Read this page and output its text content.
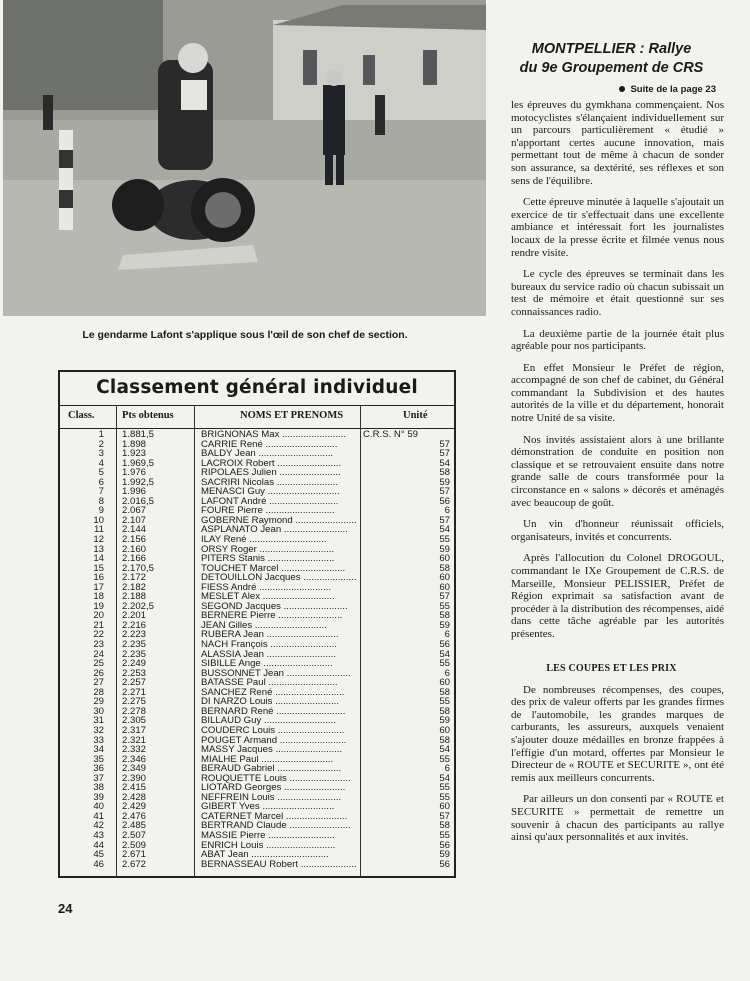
Le gendarme Lafont s'applique sous l'œil de son chef de section.
Classement général individuel
Class.	Pts obtenus	NOMS ET PRENOMS	Unité
1 1.881,5	BRIGNONAS Max ........................	C.R.S. N° 59
2 1.898	CARRIE René ...........................	57
3 1.923	BALDY Jean ............................	57
4 1.969,5	LACROIX Robert ........................	54
5 1.976	RIPOLAES Julien .......................	58
6 1.992,5	SACRIRI Nicolas .......................	59
7 1.996	MENASCI Guy ...........................	57
8 2.016,5	LAFONT André ..........................	56
9 2.067	FOURE Pierre ..........................	6
10 2.107	GOBERNE Raymond .......................	57
11 2.144	ASPLANATO Jean ........................	54
12 2.156	ILAY René .............................	55
13 2.160	ORSY Roger ............................	59
14 2.166	PITERS Stanis .........................	60
15 2.170,5	TOUCHET Marcel ........................	58
16 2.172	DETOUILLON Jacques ....................	60
17 2.182	FIESS André ...........................	60
18 2.188	MESLET Alex ...........................	57
19 2.202,5	SEGOND Jacques ........................	55
20 2.201	BERNERE Pierre ........................	58
21 2.216	JEAN Gilles ...........................	59
22 2.223	RUBERA Jean ...........................	6
23 2.235	NACH François .........................	56
24 2.235	ALASSIA Jean ..........................	54
25 2.249	SIBILLE Ange ..........................	55
26 2.253	BUSSONNET Jean ........................	6
27 2.257	BATASSE Paul ..........................	60
28 2.271	SANCHEZ René ..........................	58
29 2.275	DI NARZO Louis ........................	55
30 2.278	BERNARD René ..........................	58
31 2.305	BILLAUD Guy ...........................	59
32 2.317	COUDERC Louis .........................	60
33 2.321	POUGET Armand .........................	58
34 2.332	MASSY Jacques .........................	54
35 2.346	MIALHE Paul ...........................	55
36 2.349	BERAUD Gabriel ........................	6
37 2.390	ROUQUETTE Louis .......................	54
38 2.415	LIOTARD Georges .......................	55
39 2.428	NEFFREIN Louis ........................	55
40 2.429	GIBERT Yves ...........................	60
41 2.476	CATERNET Marcel .......................	57
42 2.485	BERTRAND Claude .......................	58
43 2.507	MASSIE Pierre .........................	55
44 2.509	ENRICH Louis ..........................	56
45 2.671	ABAT Jean .............................	59
46 2.672	BERNASSEAU Robert .....................	56
24
MONTPELLIER : Rallye
du 9e Groupement de CRS
Suite de la page 23

les épreuves du gymkhana commençaient. Nos motocyclistes s'élançaient individuellement sur un parcours particulièrement « étudié » n'apportant certes aucune innovation, mais permettant tout de même à chacun de sonder son assurance, sa dextérité, ses réflexes et son sens de l'équilibre.

Cette épreuve minutée à laquelle s'ajoutait un exercice de tir s'effectuait dans une excellente ambiance et intéressait fort les journalistes locaux de la presse écrite et filmée venus nous rendre visite.

Le cycle des épreuves se terminait dans les bureaux du service radio où chacun subissait un test de mémoire et était questionné sur ses connaissances radio.

La deuxième partie de la journée était plus agréable pour nos participants.

En effet Monsieur le Préfet de région, accompagné de son chef de cabinet, du Général commandant la Subdivision et des hautes autorités de la ville et du département, honorait notre Unité de sa visite.

Nos invités assistaient alors à une brillante démonstration de conduite en position non classique et se retrouvaient ensuite dans notre grande salle de cours transformée pour la circonstance en « salons » décorés et aménagés avec beaucoup de goût.

Un vin d'honneur réunissait officiels, organisateurs, invités et concurrents.

Après l'allocution du Colonel DROGOUL, commandant le IXe Groupement de C.R.S. de Marseille, Monsieur PELISSIER, Préfet de Région exprimait sa satisfaction avant de procéder à la distribution des récompenses, aidé dans cette tâche agréable par les autorités présentes.

LES COUPES ET LES PRIX

De nombreuses récompenses, des coupes, des prix de valeur offerts par les grandes firmes de l'automobile, les grandes marques de carburants, les assureurs, auxquels venaient s'ajouter douze médailles en bronze frappées à l'effigie d'un motard, offertes par Monsieur le Directeur de « ROUTE et SECURITE », ont été remis aux meilleurs concurrents.

Par ailleurs un don consenti par « ROUTE et SECURITE » permettait de remettre un souvenir à chacun des participants au rallye ainsi qu'aux personnalités et aux invités.
